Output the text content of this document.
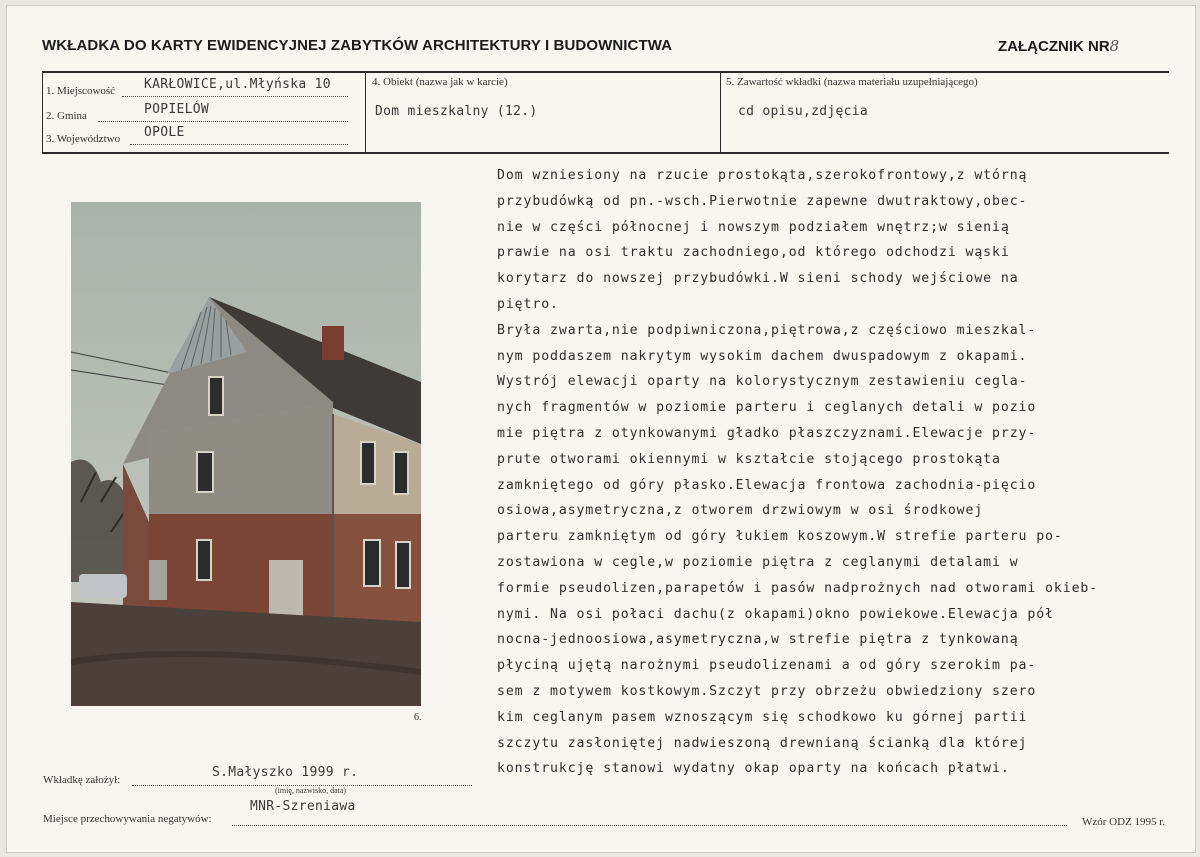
WKŁADKA DO KARTY EWIDENCYJNEJ ZABYTKÓW ARCHITEKTURY I BUDOWNICTWA	ZAŁĄCZNIK NR8
1. Miejscowość KARŁOWICE,ul.Młyńska 10
2. Gmina	POPIELÓW
3. Województwo OPOLE
4. Obiekt (nazwa jak w karcie)
Dom mieszkalny (12.)
5. Zawartość wkładki (nazwa materiału uzupełniającego)
cd opisu,zdjęcia
6.
Dom wzniesiony na rzucie prostokąta,szerokofrontowy,z wtórną
przybudówką od pn.-wsch.Pierwotnie zapewne dwutraktowy,obec-
nie w części północnej i nowszym podziałem wnętrz;w sienią
prawie na osi traktu zachodniego,od którego odchodzi wąski
korytarz do nowszej przybudówki.W sieni schody wejściowe na
piętro.
Bryła zwarta,nie podpiwniczona,piętrowa,z częściowo mieszkal-
nym poddaszem nakrytym wysokim dachem dwuspadowym z okapami.
Wystrój elewacji oparty na kolorystycznym zestawieniu cegla-
nych fragmentów w poziomie parteru i ceglanych detali w pozio
mie piętra z otynkowanymi gładko płaszczyznami.Elewacje przy-
prute otworami okiennymi w kształcie stojącego prostokąta
zamkniętego od góry płasko.Elewacja frontowa zachodnia-pięcio
osiowa,asymetryczna,z otworem drzwiowym w osi środkowej
parteru zamkniętym od góry łukiem koszowym.W strefie parteru po-
zostawiona w cegle,w poziomie piętra z ceglanymi detalami w
formie pseudolizen,parapetów i pasów nadprożnych nad otworami okieb-
nymi. Na osi połaci dachu(z okapami)okno powiekowe.Elewacja pół
nocna-jednoosiowa,asymetryczna,w strefie piętra z tynkowaną
płyciną ujętą narożnymi pseudolizenami a od góry szerokim pa-
sem z motywem kostkowym.Szczyt przy obrzeżu obwiedziony szero
kim ceglanym pasem wznoszącym się schodkowo ku górnej partii
szczytu zasłoniętej nadwieszoną drewnianą ścianką dla której
konstrukcję stanowi wydatny okap oparty na końcach płatwi.
Wkładkę założył:	S.Małyszko 1999 r.
(imię, nazwisko, data)
Miejsce przechowywania negatywów:
MNR-Szreniawa
Wzór ODZ 1995 r.
